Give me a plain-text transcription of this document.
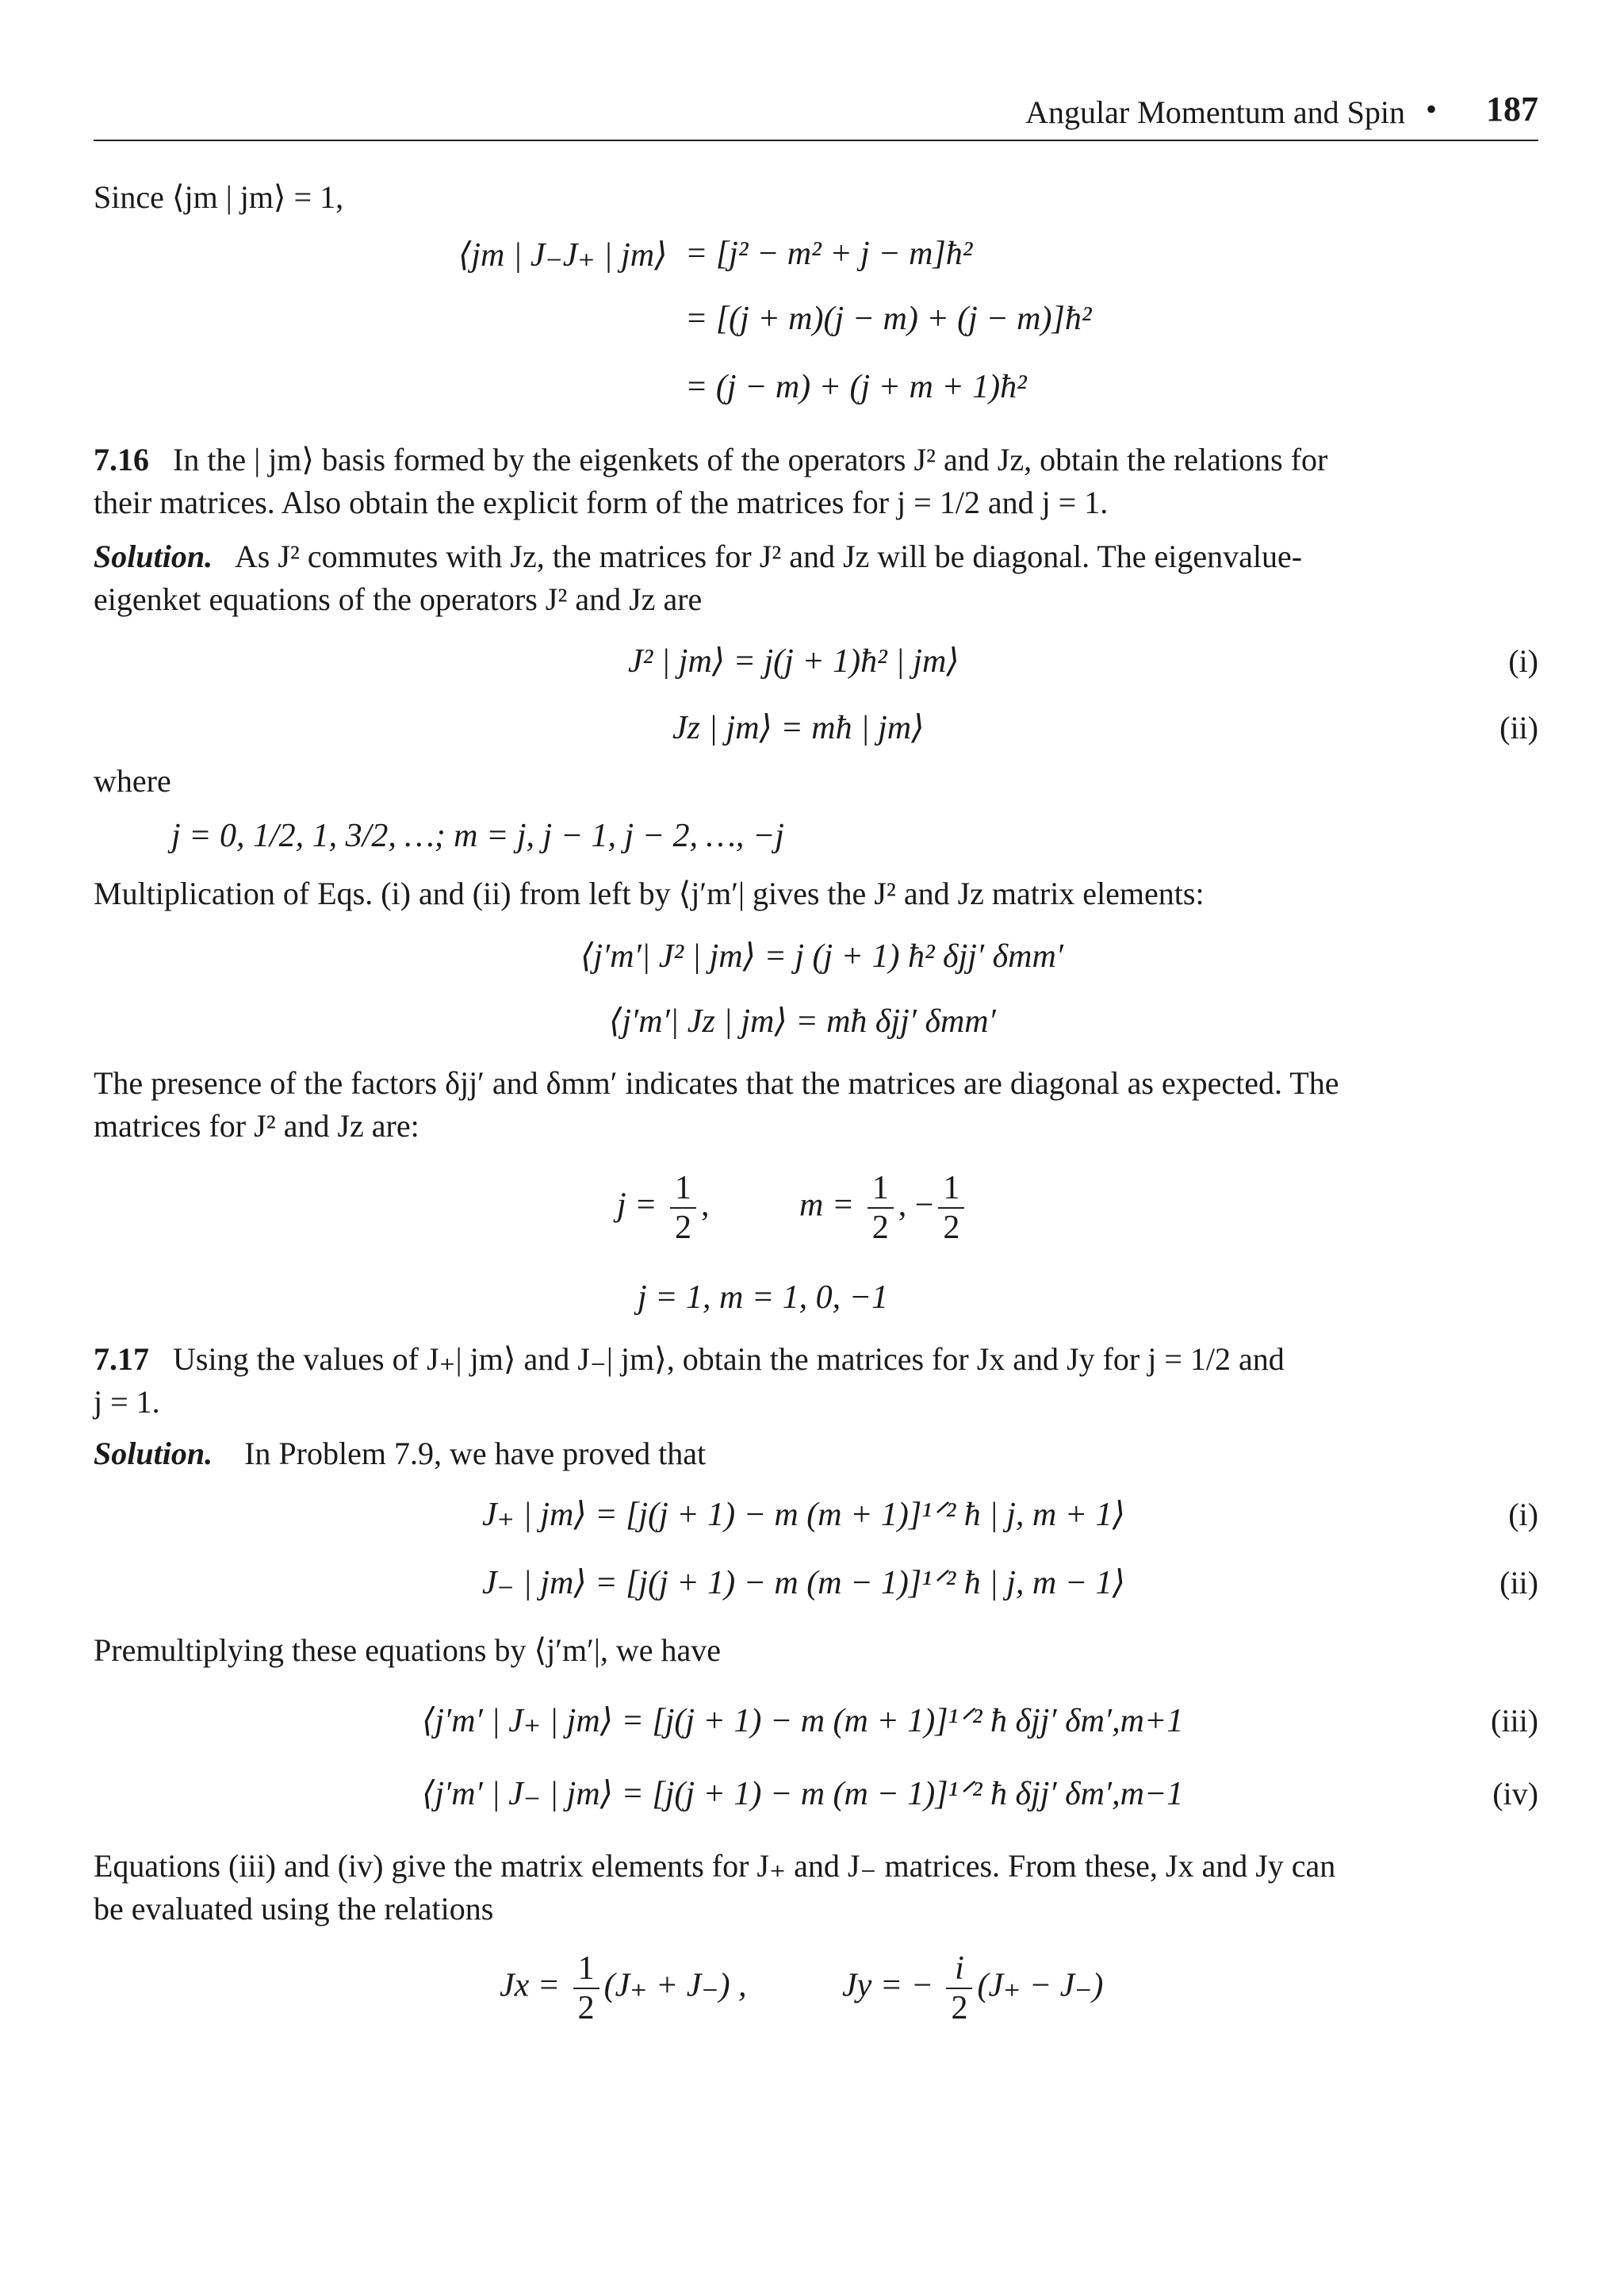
Angular Momentum and Spin • 187
Since ⟨jm | jm⟩ = 1,
⟨jm | J₋J₊ | jm⟩ = [j² − m² + j − m]ħ²
= [(j + m)(j − m) + (j − m)]ħ²
= (j − m) + (j + m + 1)ħ²
7.16 In the | jm⟩ basis formed by the eigenkets of the operators J² and Jz, obtain the relations for
their matrices. Also obtain the explicit form of the matrices for j = 1/2 and j = 1.
Solution. As J² commutes with Jz, the matrices for J² and Jz will be diagonal. The eigenvalue-
eigenket equations of the operators J² and Jz are
J² | jm⟩ = j(j + 1)ħ² | jm⟩	(i)
Jz | jm⟩ = mħ | jm⟩	(ii)
where
j = 0, 1/2, 1, 3/2, …; m = j, j − 1, j − 2, …, −j
Multiplication of Eqs. (i) and (ii) from left by ⟨j′m′| gives the J² and Jz matrix elements:
⟨j′m′| J² | jm⟩ = j (j + 1) ħ² δjj′ δmm′
⟨j′m′| Jz | jm⟩ = mħ δjj′ δmm′
The presence of the factors δjj′ and δmm′ indicates that the matrices are diagonal as expected. The
matrices for J² and Jz are:
$j = \frac{1}{2}$ ,	$m = \frac{1}{2}$ , − $\frac{1}{2}$
j = 1, m = 1, 0, −1
7.17 Using the values of J₊| jm⟩ and J₋| jm⟩, obtain the matrices for Jx and Jy for j = 1/2 and
j = 1.
Solution. In Problem 7.9, we have proved that
J₊ | jm⟩ = [j(j + 1) − m (m + 1)]¹ᐟ² ħ | j, m + 1⟩	(i)
J₋ | jm⟩ = [j(j + 1) − m (m − 1)]¹ᐟ² ħ | j, m − 1⟩	(ii)
Premultiplying these equations by ⟨j′m′|, we have
⟨j′m′ | J₊ | jm⟩ = [j(j + 1) − m (m + 1)]¹ᐟ² ħ δjj′ δm′,m+1	(iii)
⟨j′m′ | J₋ | jm⟩ = [j(j + 1) − m (m − 1)]¹ᐟ² ħ δjj′ δm′,m−1	(iv)
Equations (iii) and (iv) give the matrix elements for J₊ and J₋ matrices. From these, Jx and Jy can
be evaluated using the relations
$Jx = \frac{1}{2} (J_+ + J_-)$ ,	Jy = − $\frac{i}{2} (J_+ - J_-)$
